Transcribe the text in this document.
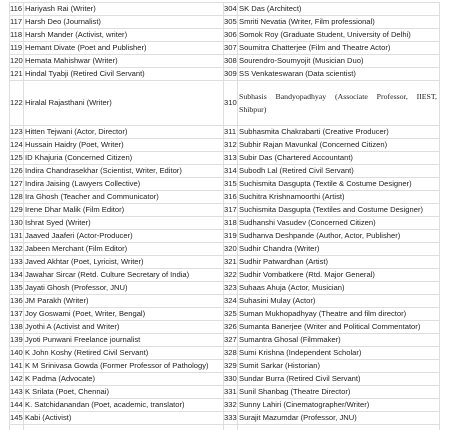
116	Hariyash Rai (Writer)	304	SK Das (Architect)
117	Harsh Deo (Journalist)	305	Smriti Nevatia (Writer, Film professional)
118	Harsh Mander (Activist, writer)	306	Somok Roy (Graduate Student, University of Delhi)
119	Hemant Divate (Poet and Publisher)	307	Soumitra Chatterjee (Film and Theatre Actor)
120	Hemata Mahishwar (Writer)	308	Sourendro-Soumyojit (Musician Duo)
121	Hindal Tyabji (Retired Civil Servant)	309	SS Venkateswaran (Data scientist)
122	Hiralal Rajasthani (Writer)	310	Subhasis Bandyopadhyay (Associate Professor, IIEST, Shibpur)
123	Hitten Tejwani (Actor, Director)	311	Subhasmita Chakrabarti (Creative Producer)
124	Hussain Haidry (Poet, Writer)	312	Subhir Rajan Mavunkal (Concerned Citizen)
125	ID Khajuria (Concerned Citizen)	313	Subir Das (Chartered Accountant)
126	Indira Chandrasekhar (Scientist, Writer, Editor)	314	Subodh Lal (Retired Civil Servant)
127	Indira Jaising (Lawyers Collective)	315	Suchismita Dasgupta (Textile & Costume Designer)
128	Ira Ghosh (Teacher and Communicator)	316	Suchitra Krishnamoorthi (Artist)
129	Irene Dhar Malik (Film Editor)	317	Suchismita Dasgupta (Textiles and Costume Designer)
130	Ishrat Syed (Writer)	318	Sudhanshi Vasudev (Concerned Citizen)
131	Jaaved Jaaferi (Actor-Producer)	319	Sudhanva Deshpande (Author, Actor, Publisher)
132	Jabeen Merchant (Film Editor)	320	Sudhir Chandra (Writer)
133	Javed Akhtar (Poet, Lyricist, Writer)	321	Sudhir Patwardhan (Artist)
134	Jawahar Sircar (Retd. Culture Secretary of India)	322	Sudhir Vombatkere (Rtd. Major General)
135	Jayati Ghosh (Professor, JNU)	323	Suhaas Ahuja (Actor, Musician)
136	JM Parakh (Writer)	324	Suhasini Mulay (Actor)
137	Joy Goswami (Poet, Writer, Bengal)	325	Suman Mukhopadhyay (Theatre and film director)
138	Jyothi A (Activist and Writer)	326	Sumanta Banerjee (Writer and Political Commentator)
139	Jyoti Punwani Freelance journalist	327	Sumantra Ghosal (Filmmaker)
140	K John Koshy (Retired Civil Servant)	328	Sumi Krishna (Independent Scholar)
141	K M Srinivasa Gowda (Former Professor of Pathology)	329	Sumit Sarkar (Historian)
142	K Padma (Advocate)	330	Sundar Burra (Retired Civil Servant)
143	K Srilata (Poet, Chennai)	331	Sunil Shanbag (Theatre Director)
144	K. Satchidanandan (Poet, academic, translator)	332	Sunny Lahiri (Cinematographer/Writer)
145	Kabi (Activist)	333	Surajit Mazumdar (Professor, JNU)
